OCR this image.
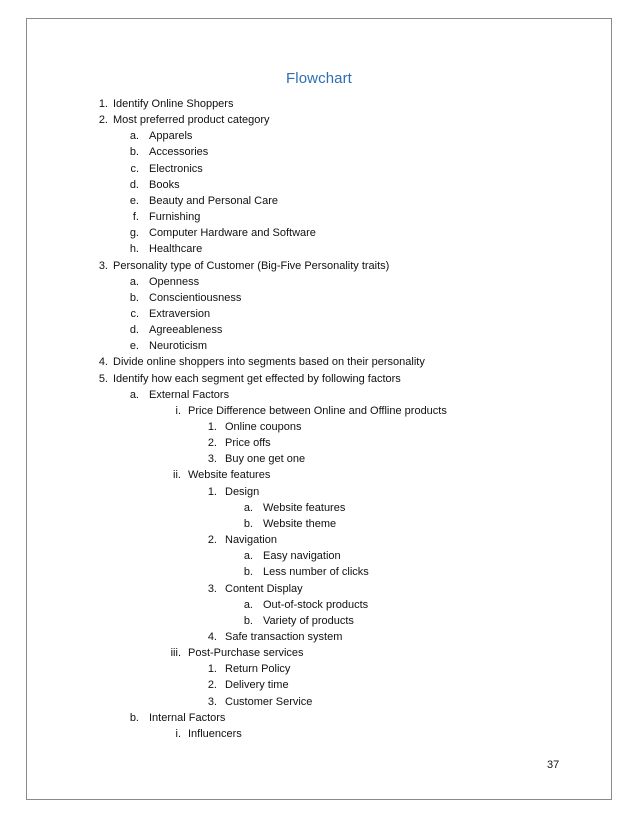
Flowchart
1. Identify Online Shoppers
2. Most preferred product category
a. Apparels
b. Accessories
c. Electronics
d. Books
e. Beauty and Personal Care
f. Furnishing
g. Computer Hardware and Software
h. Healthcare
3. Personality type of Customer (Big-Five Personality traits)
a. Openness
b. Conscientiousness
c. Extraversion
d. Agreeableness
e. Neuroticism
4. Divide online shoppers into segments based on their personality
5. Identify how each segment get effected by following factors
a. External Factors
i. Price Difference between Online and Offline products
1. Online coupons
2. Price offs
3. Buy one get one
ii. Website features
1. Design
a. Website features
b. Website theme
2. Navigation
a. Easy navigation
b. Less number of clicks
3. Content Display
a. Out-of-stock products
b. Variety of products
4. Safe transaction system
iii. Post-Purchase services
1. Return Policy
2. Delivery time
3. Customer Service
b. Internal Factors
i. Influencers
37
